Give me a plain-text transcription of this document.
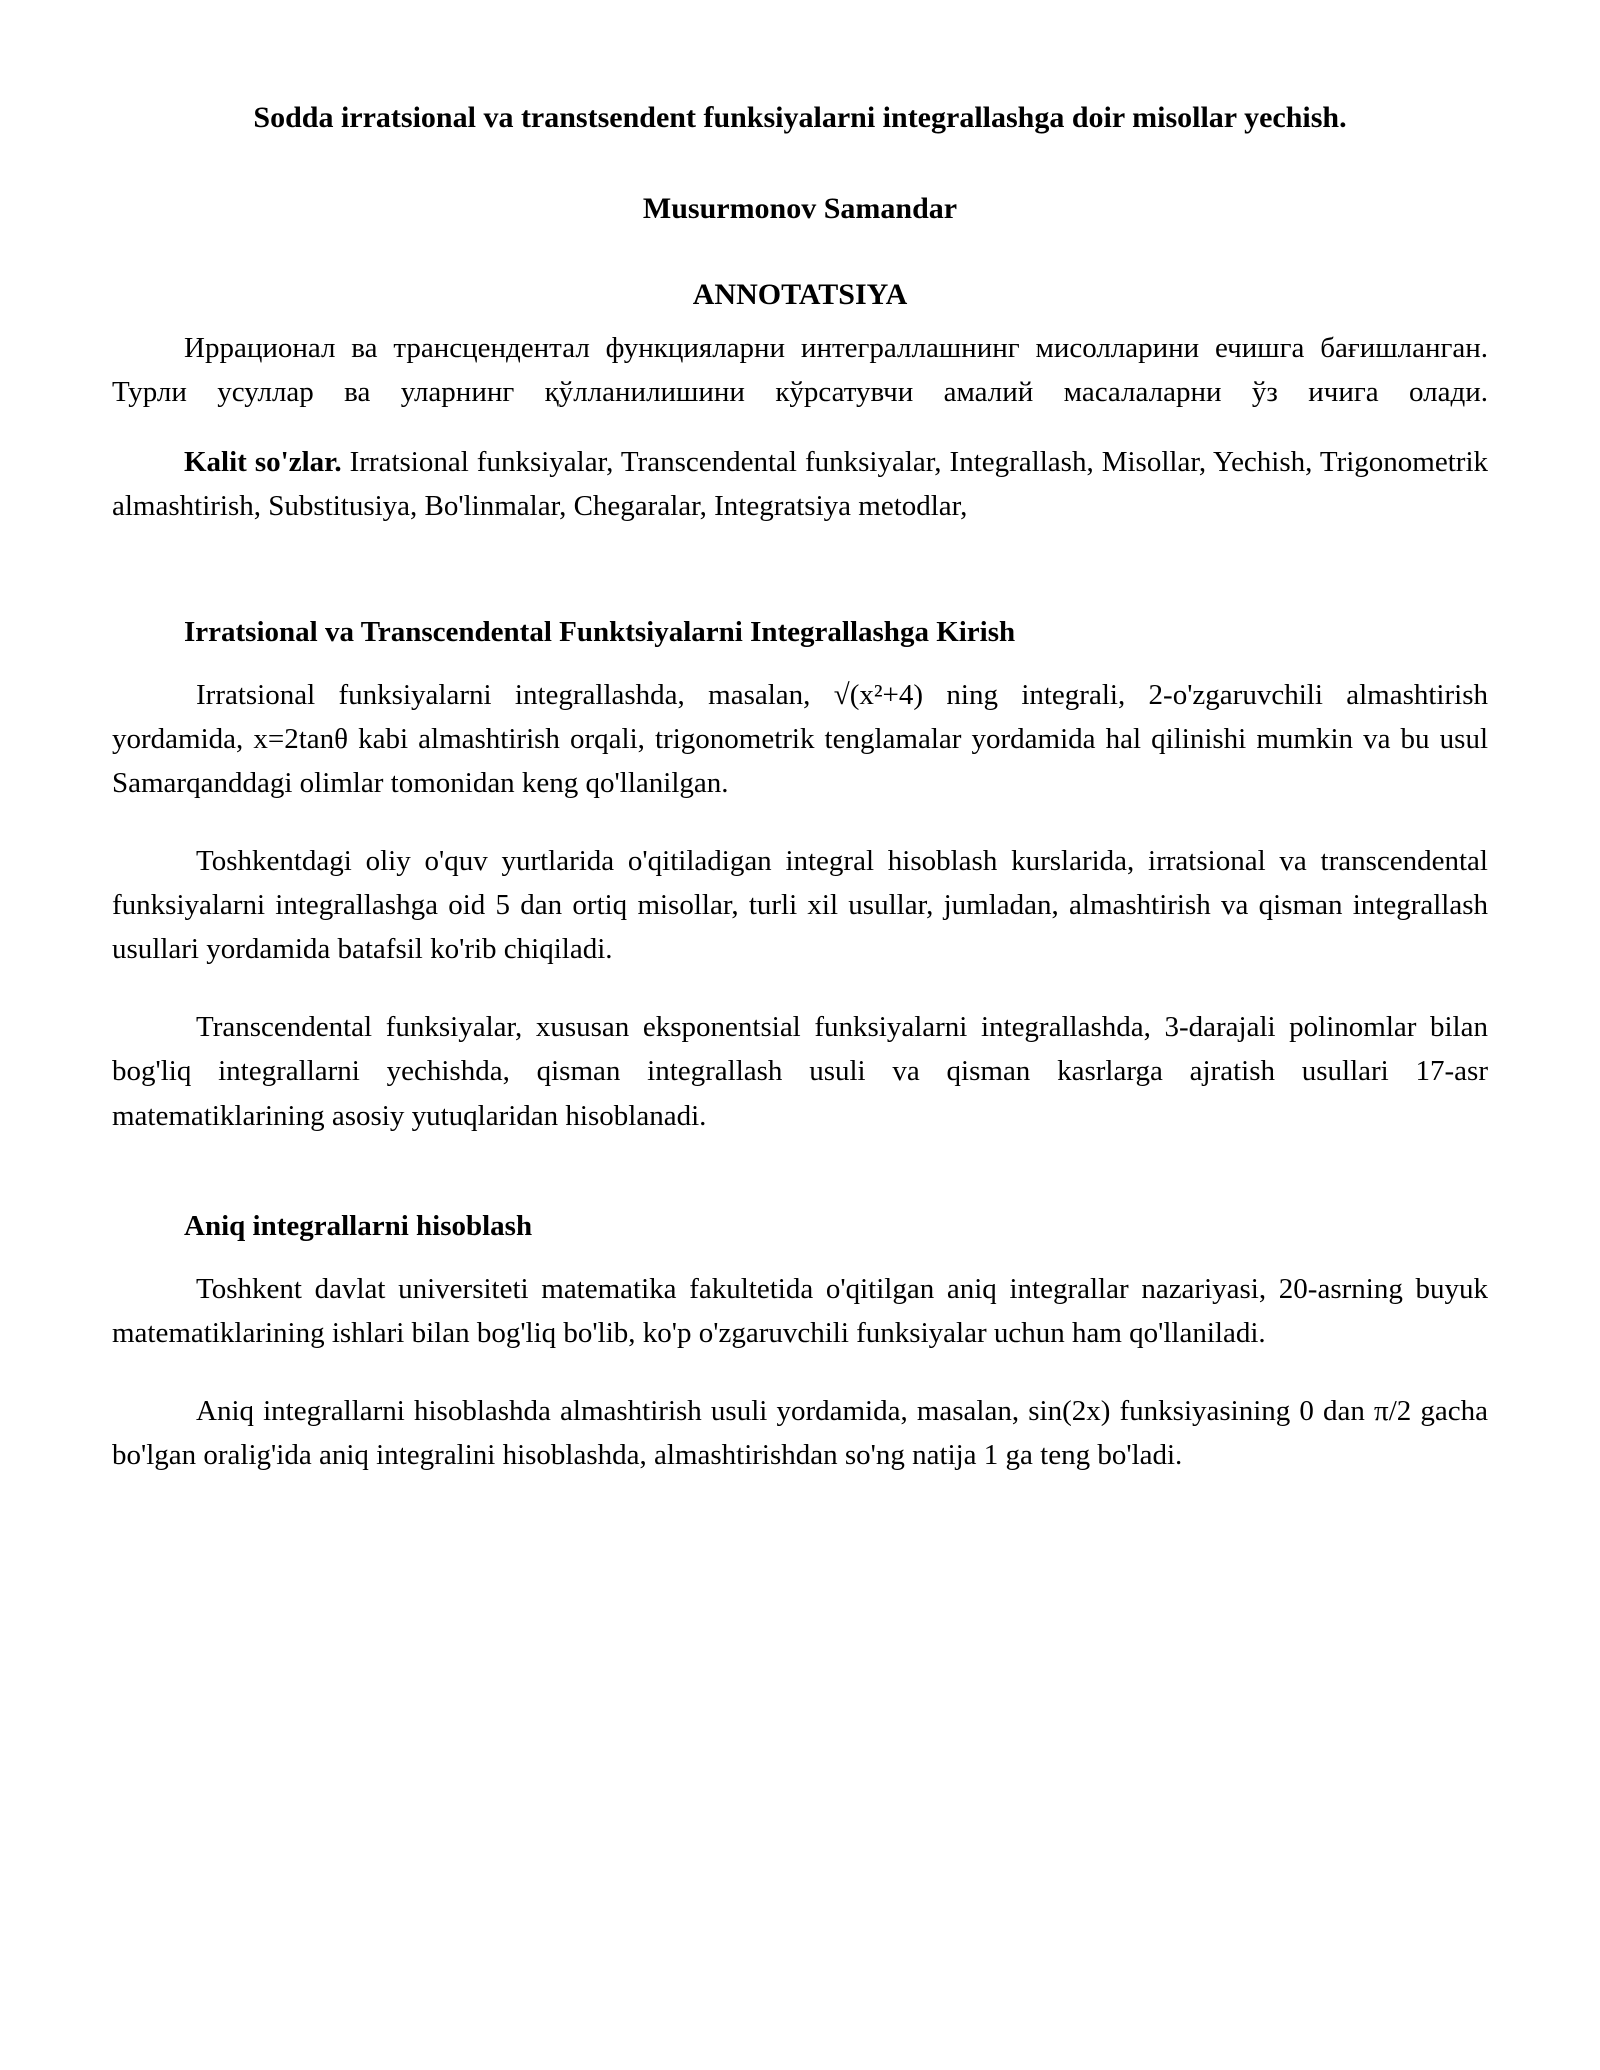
Sodda irratsional va transtsendent funksiyalarni integrallashga doir misollar yechish.
Musurmonov Samandar
ANNOTATSIYA

Иррационал ва трансцендентал функцияларни интеграллашнинг мисолларини ечишга бағишланган. Турли усуллар ва уларнинг қўлланилишини кўрсатувчи амалий масалаларни ўз ичига олади.

Kalit so'zlar. Irratsional funksiyalar, Transcendental funksiyalar, Integrallash, Misollar, Yechish, Trigonometrik almashtirish, Substitusiya, Bo'linmalar, Chegaralar, Integratsiya metodlar,

Irratsional va Transcendental Funktsiyalarni Integrallashga Kirish

Irratsional funksiyalarni integrallashda, masalan, √(x²+4) ning integrali, 2-o'zgaruvchili almashtirish yordamida, x=2tanθ kabi almashtirish orqali, trigonometrik tenglamalar yordamida hal qilinishi mumkin va bu usul Samarqanddagi olimlar tomonidan keng qo'llanilgan.

Toshkentdagi oliy o'quv yurtlarida o'qitiladigan integral hisoblash kurslarida, irratsional va transcendental funksiyalarni integrallashga oid 5 dan ortiq misollar, turli xil usullar, jumladan, almashtirish va qisman integrallash usullari yordamida batafsil ko'rib chiqiladi.

Transcendental funksiyalar, xususan eksponentsial funksiyalarni integrallashda, 3-darajali polinomlar bilan bog'liq integrallarni yechishda, qisman integrallash usuli va qisman kasrlarga ajratish usullari 17-asr matematiklarining asosiy yutuqlaridan hisoblanadi.

Aniq integrallarni hisoblash

Toshkent davlat universiteti matematika fakultetida o'qitilgan aniq integrallar nazariyasi, 20-asrning buyuk matematiklarining ishlari bilan bog'liq bo'lib, ko'p o'zgaruvchili funksiyalar uchun ham qo'llaniladi.

Aniq integrallarni hisoblashda almashtirish usuli yordamida, masalan, sin(2x) funksiyasining 0 dan π/2 gacha bo'lgan oralig'ida aniq integralini hisoblashda, almashtirishdan so'ng natija 1 ga teng bo'ladi.
